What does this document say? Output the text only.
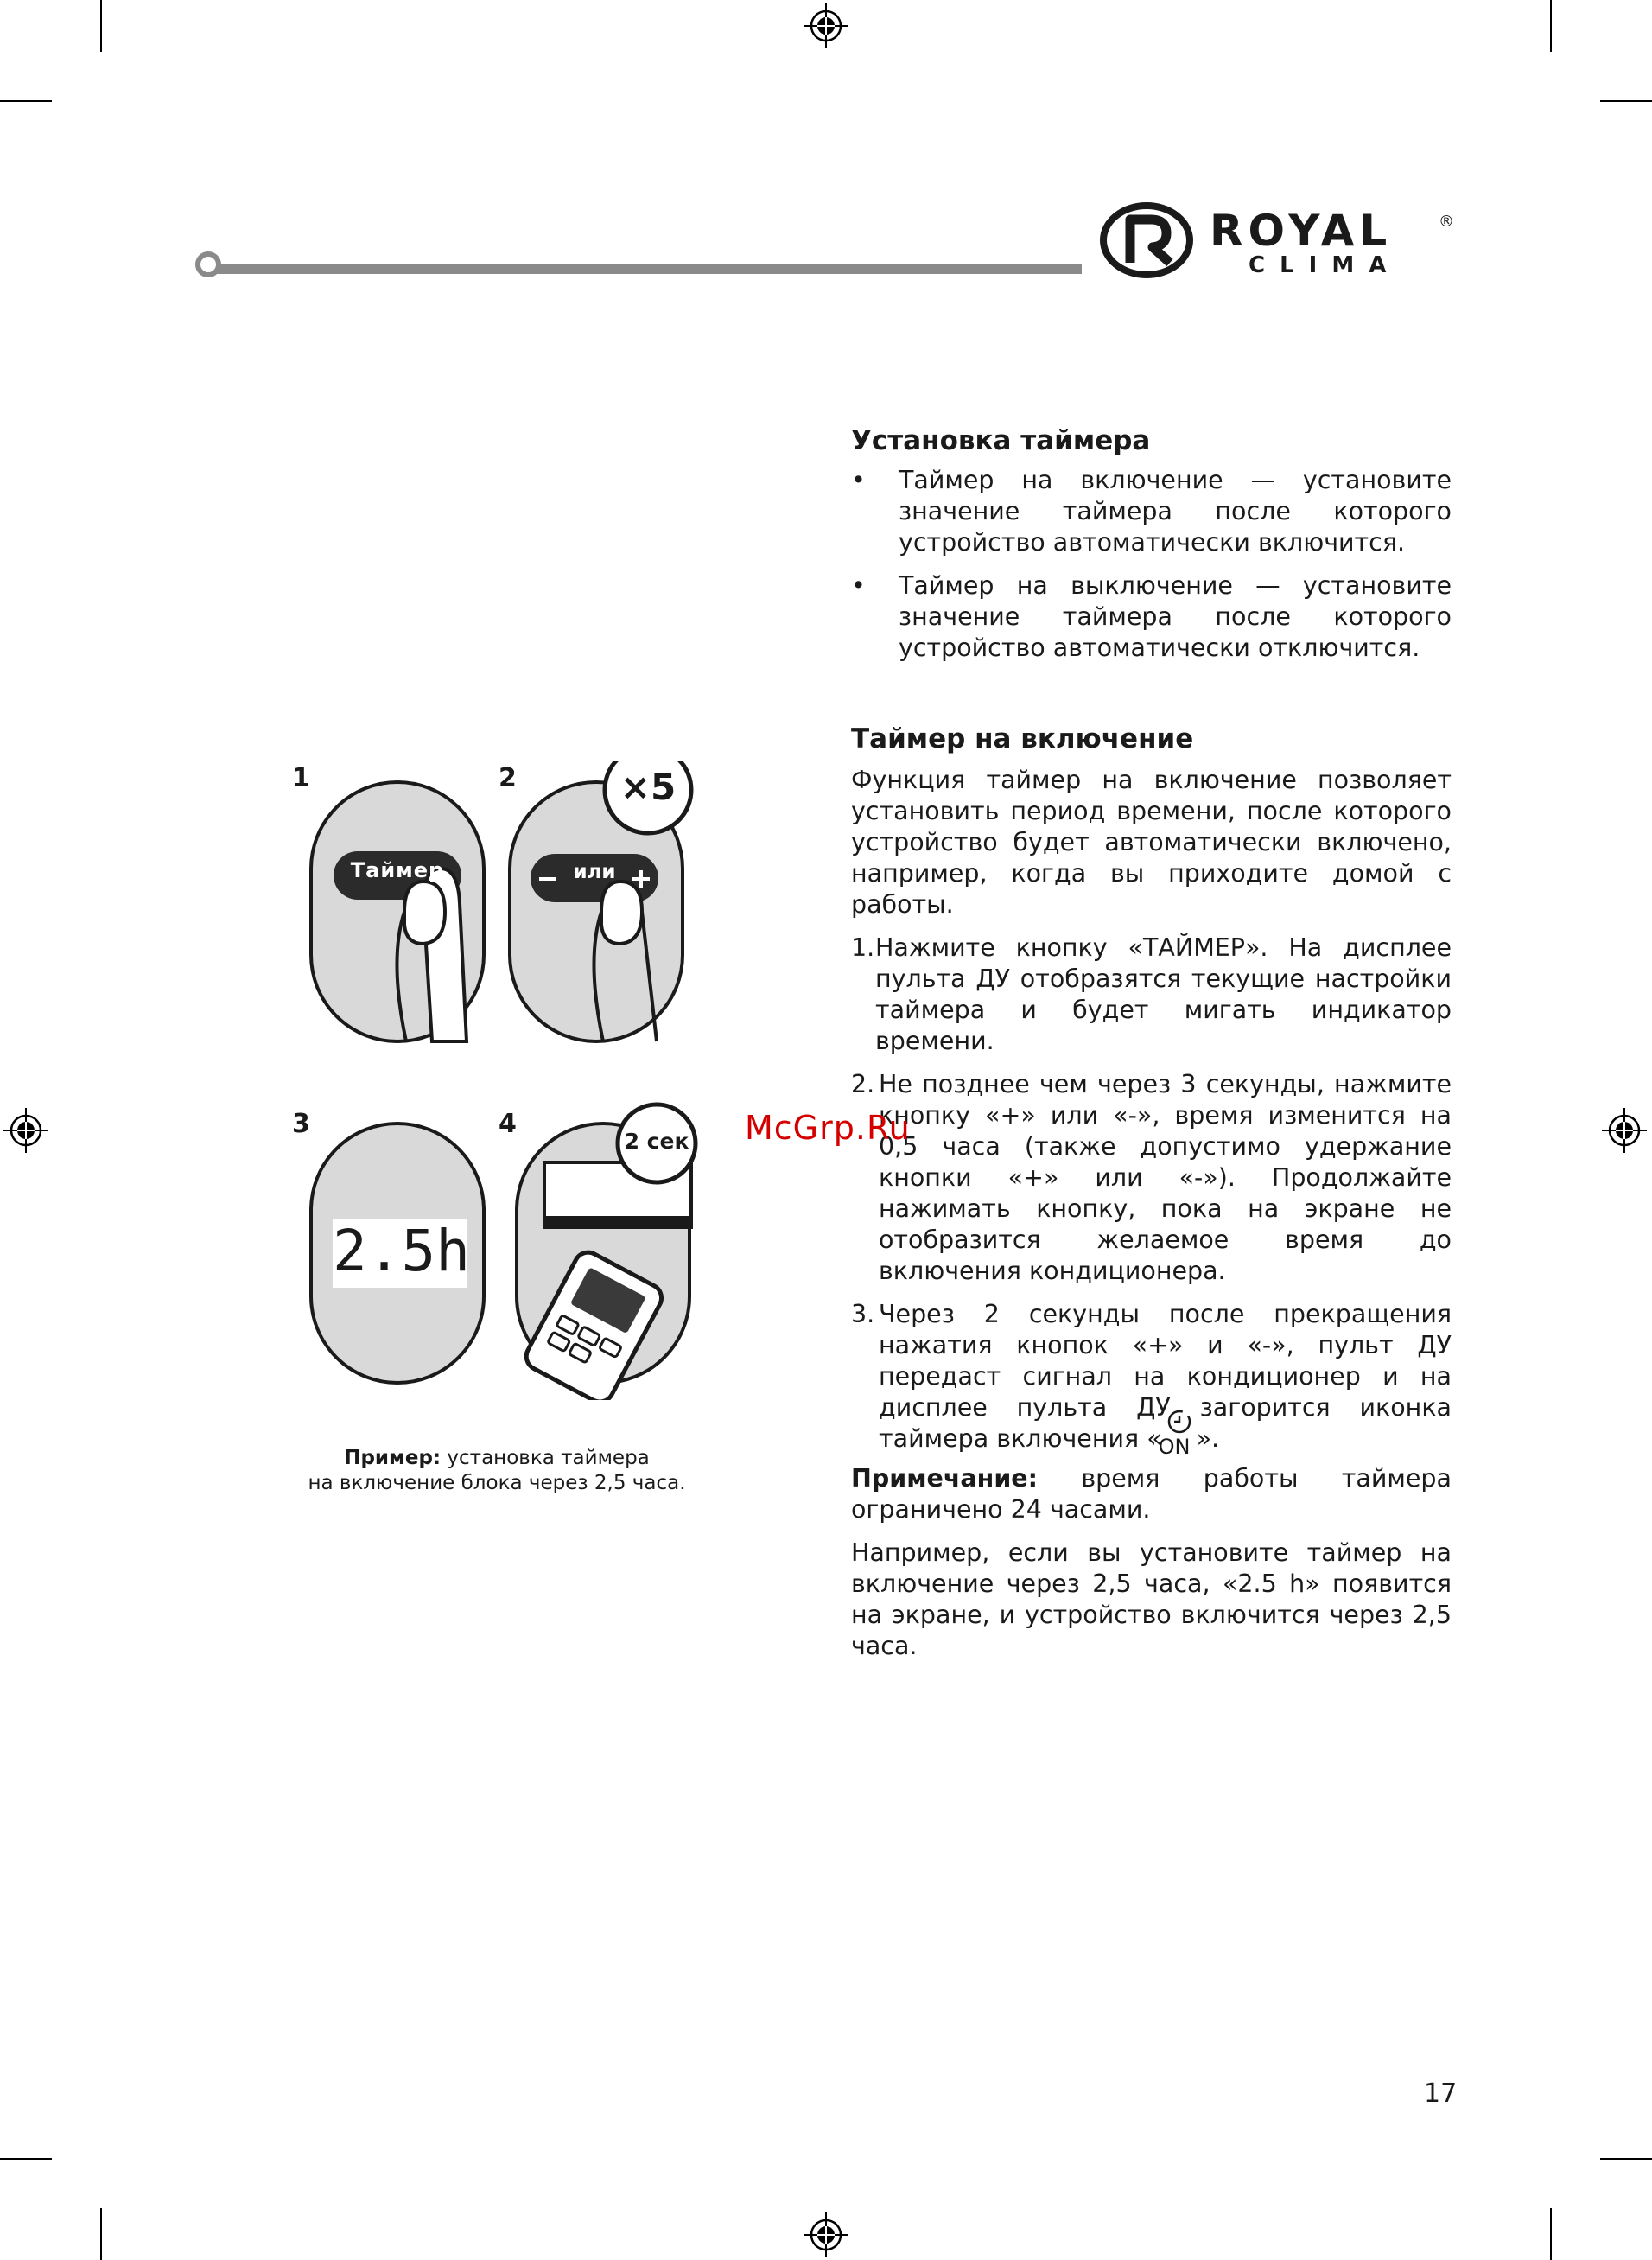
ROYAL	®
CLIMA
Установка таймера
• Таймер на включение — установите значение таймера после которого устройство автоматически включится.
• Таймер на выключение — установите значение таймера после которого устройство автоматически отключится.
Таймер на включение

Функция таймер на включение позволяет установить период времени, после которого устройство будет автоматически включено, например, когда вы приходите домой с работы.

1. Нажмите кнопку «ТАЙМЕР». На дисплее пульта ДУ отобразятся текущие настройки таймера и будет мигать индикатор времени.
2. Не позднее чем через 3 секунды, нажмите кнопку «+» или «-», время изменится на 0,5 часа (также допустимо удержание кнопки «+» или «-»). Продолжайте нажимать кнопку, пока на экране не отобразится желаемое время до включения кондиционера.
3. Через 2 секунды после прекращения нажатия кнопок «+» и «-», пульт ДУ передаст сигнал на кондиционер и на дисплее пульта ДУ загорится иконка таймера включения «
ON ».

Примечание: время работы таймера ограничено 24 часами.

Например, если вы установите таймер на включение через 2,5 часа, «2.5 h» появится на экране, и устройство включится через 2,5 часа.

1	2
3	4
Таймер	или
×5
2 сек
2.5h
Пример: установка таймера
на включение блока через 2,5 часа.
McGrp.Ru
17
